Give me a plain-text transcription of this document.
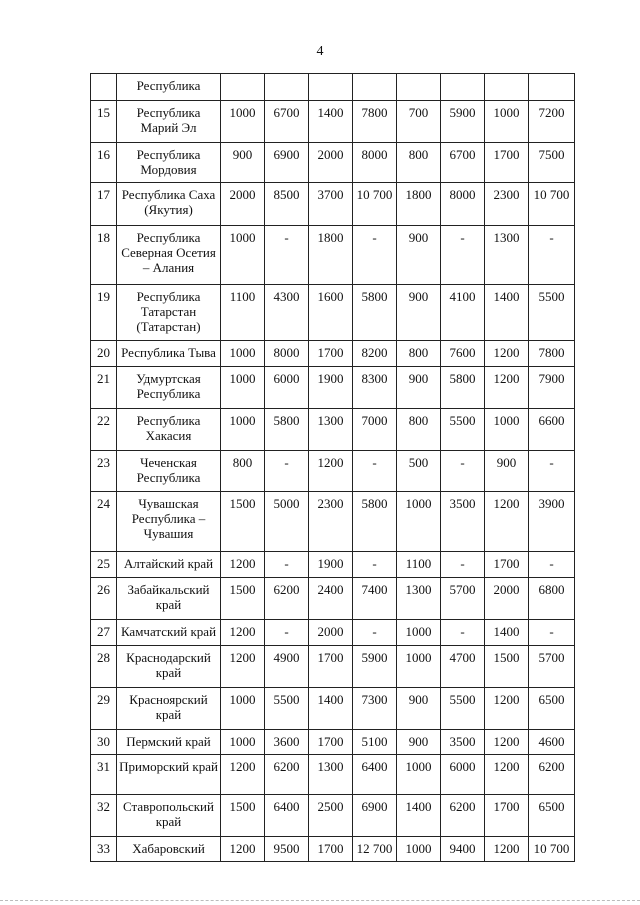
4
	Республика								
15	Республика Марий Эл	1000	6700	1400	7800	700	5900	1000	7200
16	Республика Мордовия	900	6900	2000	8000	800	6700	1700	7500
17	Республика Саха (Якутия)	2000	8500	3700	10 700	1800	8000	2300	10 700
18	Республика Северная Осетия – Алания	1000	-	1800	-	900	-	1300	-
19	Республика Татарстан (Татарстан)	1100	4300	1600	5800	900	4100	1400	5500
20	Республика Тыва	1000	8000	1700	8200	800	7600	1200	7800
21	Удмуртская Республика	1000	6000	1900	8300	900	5800	1200	7900
22	Республика Хакасия	1000	5800	1300	7000	800	5500	1000	6600
23	Чеченская Республика	800	-	1200	-	500	-	900	-
24	Чувашская Республика – Чувашия	1500	5000	2300	5800	1000	3500	1200	3900
25	Алтайский край	1200	-	1900	-	1100	-	1700	-
26	Забайкальский край	1500	6200	2400	7400	1300	5700	2000	6800
27	Камчатский край	1200	-	2000	-	1000	-	1400	-
28	Краснодарский край	1200	4900	1700	5900	1000	4700	1500	5700
29	Красноярский край	1000	5500	1400	7300	900	5500	1200	6500
30	Пермский край	1000	3600	1700	5100	900	3500	1200	4600
31	Приморский край	1200	6200	1300	6400	1000	6000	1200	6200
32	Ставропольский край	1500	6400	2500	6900	1400	6200	1700	6500
33	Хабаровский	1200	9500	1700	12 700	1000	9400	1200	10 700
